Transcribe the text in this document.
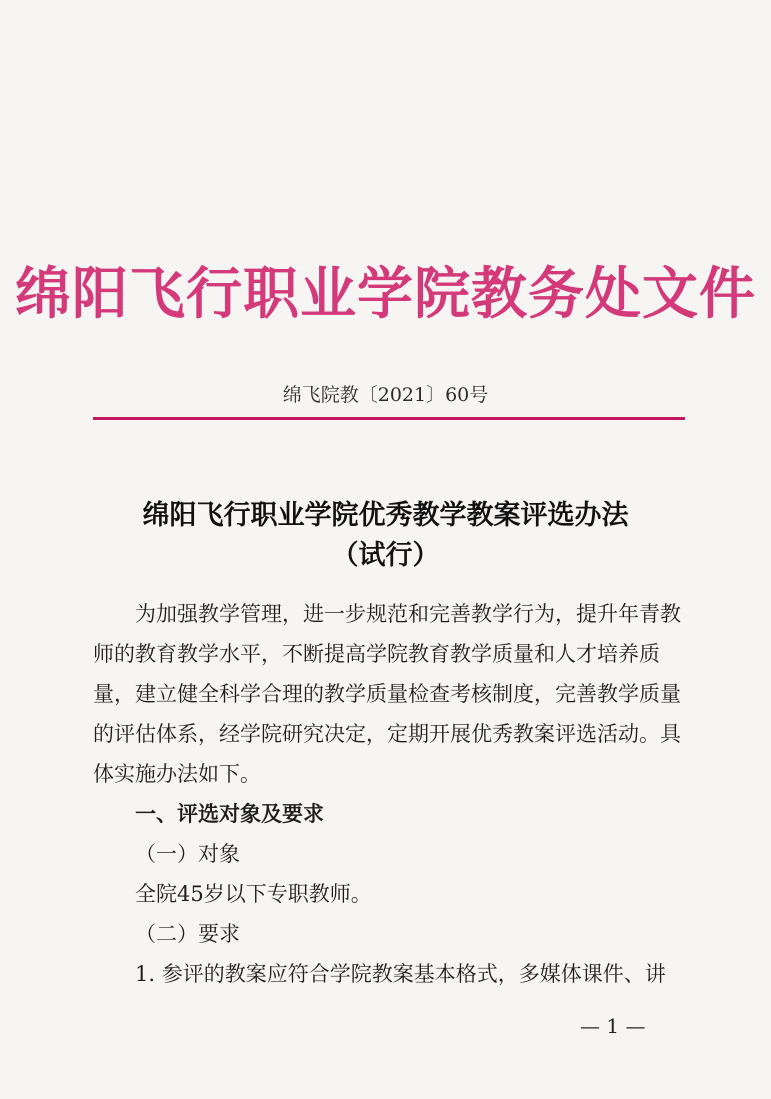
绵阳飞行职业学院教务处文件
绵飞院教〔2021〕60号
绵阳飞行职业学院优秀教学教案评选办法
（试行）

为加强教学管理，进一步规范和完善教学行为，提升年青教师的教育教学水平，不断提高学院教育教学质量和人才培养质量，建立健全科学合理的教学质量检查考核制度，完善教学质量的评估体系，经学院研究决定，定期开展优秀教案评选活动。具体实施办法如下。

一、评选对象及要求

（一）对象

全院45岁以下专职教师。

（二）要求

1. 参评的教案应符合学院教案基本格式，多媒体课件、讲

— 1 —
